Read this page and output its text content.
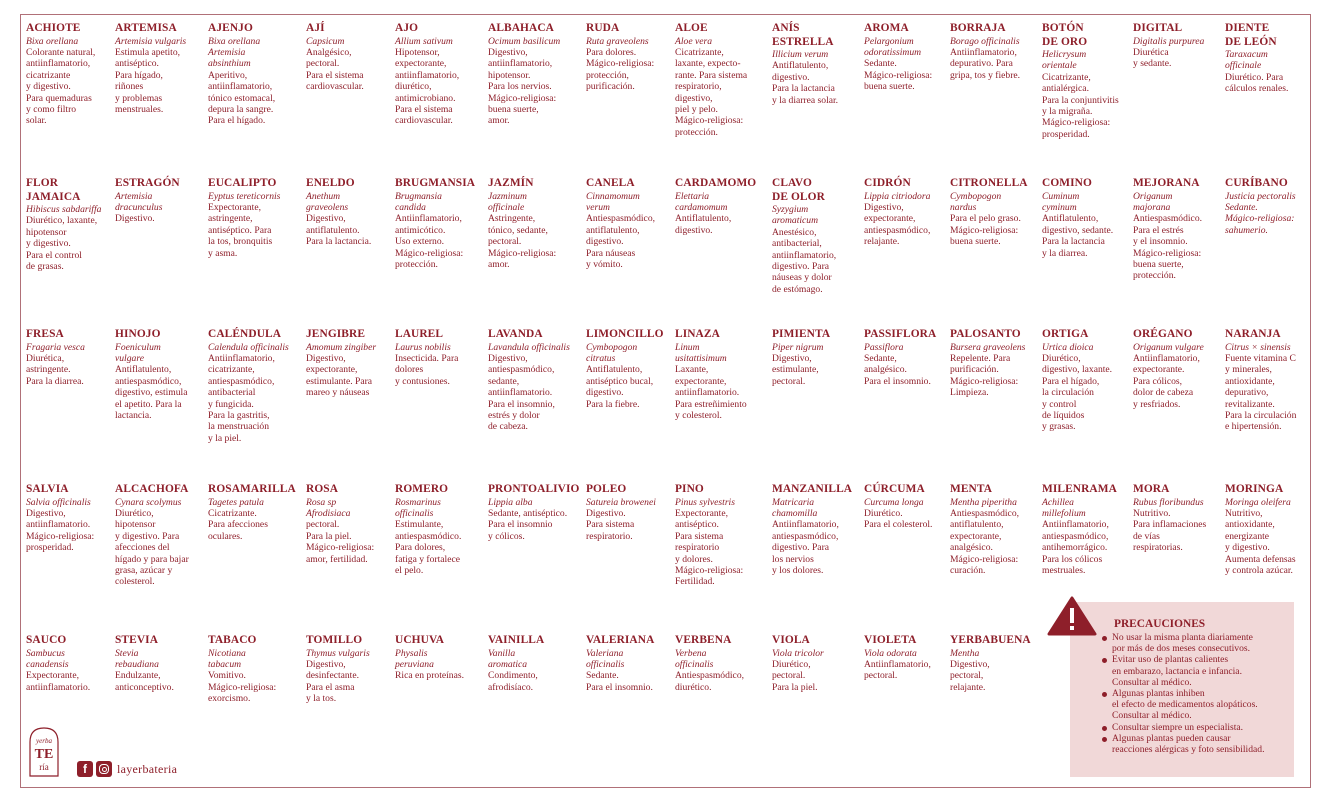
ACHIOTE
Bixa orellana
Colorante natural,
antiinflamatorio,
cicatrizante
y digestivo.
Para quemaduras
y como filtro
solar.
ARTEMISA
Artemisia vulgaris
Estimula apetito,
antiséptico.
Para hígado,
riñones
y problemas
menstruales.
AJENJO
Bixa orellana
Artemisia
absinthium
Aperitivo,
antiinflamatorio,
tónico estomacal,
depura la sangre.
Para el hígado.
AJÍ
Capsicum
Analgésico,
pectoral.
Para el sistema
cardiovascular.
AJO
Allium sativum
Hipotensor,
expectorante,
antiinflamatorio,
diurético,
antimicrobiano.
Para el sistema
cardiovascular.
ALBAHACA
Ocimum basilicum
Digestivo,
antiinflamatorio,
hipotensor.
Para los nervios.
Mágico-religiosa:
buena suerte,
amor.
RUDA
Ruta graveolens
Para dolores.
Mágico-religiosa:
protección,
purificación.
ALOE
Aloe vera
Cicatrizante,
laxante, expecto-
rante. Para sistema
respiratorio,
digestivo,
piel y pelo.
Mágico-religiosa:
protección.
ANÍS
ESTRELLA
Illicium verum
Antiflatulento,
digestivo.
Para la lactancia
y la diarrea solar.
AROMA
Pelargonium
odoratissimum
Sedante.
Mágico-religiosa:
buena suerte.
BORRAJA
Borago officinalis
Antiinflamatorio,
depurativo. Para
gripa, tos y fiebre.
BOTÓN
DE ORO
Helicrysum
orientale
Cicatrizante,
antialérgica.
Para la conjuntivitis
y la migraña.
Mágico-religiosa:
prosperidad.
DIGITAL
Digitalis purpurea
Diurética
y sedante.
DIENTE
DE LEÓN
Taraxacum
officinale
Diurético. Para
cálculos renales.
FLOR
JAMAICA
Hibiscus sabdariffa
Diurético, laxante,
hipotensor
y digestivo.
Para el control
de grasas.
ESTRAGÓN
Artemisia
dracunculus
Digestivo.
EUCALIPTO
Eyptus tereticornis
Expectorante,
astringente,
antiséptico. Para
la tos, bronquitis
y asma.
ENELDO
Anethum
graveolens
Digestivo,
antiflatulento.
Para la lactancia.
BRUGMANSIA
Brugmansia
candida
Antiinflamatorio,
antimicótico.
Uso externo.
Mágico-religiosa:
protección.
JAZMÍN
Jazminum
officinale
Astringente,
tónico, sedante,
pectoral.
Mágico-religiosa:
amor.
CANELA
Cinnamomum
verum
Antiespasmódico,
antiflatulento,
digestivo.
Para náuseas
y vómito.
CARDAMOMO
Elettaria
cardamomum
Antiflatulento,
digestivo.
CLAVO
DE OLOR
Syzygium
aromaticum
Anestésico,
antibacterial,
antiinflamatorio,
digestivo. Para
náuseas y dolor
de estómago.
CIDRÓN
Lippia citriodora
Digestivo,
expectorante,
antiespasmódico,
relajante.
CITRONELLA
Cymbopogon
nardus
Para el pelo graso.
Mágico-religiosa:
buena suerte.
COMINO
Cuminum
cyminum
Antiflatulento,
digestivo, sedante.
Para la lactancia
y la diarrea.
MEJORANA
Origanum
majorana
Antiespasmódico.
Para el estrés
y el insomnio.
Mágico-religiosa:
buena suerte,
protección.
CURÍBANO
Justicia pectoralis
Sedante.
Mágico-religiosa:
sahumerio.
FRESA
Fragaria vesca
Diurética,
astringente.
Para la diarrea.
HINOJO
Foeniculum
vulgare
Antiflatulento,
antiespasmódico,
digestivo, estimula
el apetito. Para la
lactancia.
CALÉNDULA
Calendula officinalis
Antiinflamatorio,
cicatrizante,
antiespasmódico,
antibacterial
y fungicida.
Para la gastritis,
la menstruación
y la piel.
JENGIBRE
Amomum zingiber
Digestivo,
expectorante,
estimulante. Para
mareo y náuseas
LAUREL
Laurus nobilis
Insecticida. Para
dolores
y contusiones.
LAVANDA
Lavandula officinalis
Digestivo,
antiespasmódico,
sedante,
antiinflamatorio.
Para el insomnio,
estrés y dolor
de cabeza.
LIMONCILLO
Cymbopogon
citratus
Antiflatulento,
antiséptico bucal,
digestivo.
Para la fiebre.
LINAZA
Linum
usitattisimum
Laxante,
expectorante,
antiinflamatorio.
Para estreñimiento
y colesterol.
PIMIENTA
Piper nigrum
Digestivo,
estimulante,
pectoral.
PASSIFLORA
Passiflora
Sedante,
analgésico.
Para el insomnio.
PALOSANTO
Bursera graveolens
Repelente. Para
purificación.
Mágico-religiosa:
Limpieza.
ORTIGA
Urtica dioica
Diurético,
digestivo, laxante.
Para el hígado,
la circulación
y control
de líquidos
y grasas.
ORÉGANO
Origanum vulgare
Antiinflamatorio,
expectorante.
Para cólicos,
dolor de cabeza
y resfriados.
NARANJA
Citrus × sinensis
Fuente vitamina C
y minerales,
antioxidante,
depurativo,
revitalizante.
Para la circulación
e hipertensión.
SALVIA
Salvia officinalis
Digestivo,
antiinflamatorio.
Mágico-religiosa:
prosperidad.
ALCACHOFA
Cynara scolymus
Diurético,
hipotensor
y digestivo. Para
afecciones del
hígado y para bajar
grasa, azúcar y
colesterol.
ROSAMARILLA
Tagetes patula
Cicatrizante.
Para afecciones
oculares.
ROSA
Rosa sp
Afrodisiaca
pectoral.
Para la piel.
Mágico-religiosa:
amor, fertilidad.
ROMERO
Rosmarinus
officinalis
Estimulante,
antiespasmódico.
Para dolores,
fatiga y fortalece
el pelo.
PRONTOALIVIO
Lippia alba
Sedante, antiséptico.
Para el insomnio
y cólicos.
POLEO
Satureia browenei
Digestivo.
Para sistema
respiratorio.
PINO
Pinus sylvestris
Expectorante,
antiséptico.
Para sistema
respiratorio
y dolores.
Mágico-religiosa:
Fertilidad.
MANZANILLA
Matricaria
chamomilla
Antiinflamatorio,
antiespasmódico,
digestivo. Para
los nervios
y los dolores.
CÚRCUMA
Curcuma longa
Diurético.
Para el colesterol.
MENTA
Mentha piperitha
Antiespasmódico,
antiflatulento,
expectorante,
analgésico.
Mágico-religiosa:
curación.
MILENRAMA
Achillea
millefolium
Antiinflamatorio,
antiespasmódico,
antihemorrágico.
Para los cólicos
mestruales.
MORA
Rubus floribundus
Nutritivo.
Para inflamaciones
de vías
respiratorias.
MORINGA
Moringa oleifera
Nutritivo,
antioxidante,
energizante
y digestivo.
Aumenta defensas
y controla azúcar.
SAUCO
Sambucus
canadensis
Expectorante,
antiinflamatorio.
STEVIA
Stevia
rebaudiana
Endulzante,
anticonceptivo.
TABACO
Nicotiana
tabacum
Vomitivo.
Mágico-religiosa:
exorcismo.
TOMILLO
Thymus vulgaris
Digestivo,
desinfectante.
Para el asma
y la tos.
UCHUVA
Physalis
peruviana
Rica en proteínas.
VAINILLA
Vanilla
aromatica
Condimento,
afrodisíaco.
VALERIANA
Valeriana
officinalis
Sedante.
Para el insomnio.
VERBENA
Verbena
officinalis
Antiespasmódico,
diurético.
VIOLA
Viola tricolor
Diurético,
pectoral.
Para la piel.
VIOLETA
Viola odorata
Antiinflamatorio,
pectoral.
YERBABUENA
Mentha
Digestivo,
pectoral,
relajante.
PRECAUCIONES
No usar la misma planta diariamente
por más de dos meses consecutivos.
Evitar uso de plantas calientes
en embarazo, lactancia e infancia.
Consultar al médico.
Algunas plantas inhiben
el efecto de medicamentos alopáticos.
Consultar al médico.
Consultar siempre un especialista.
Algunas plantas pueden causar
reacciones alérgicas y foto sensibilidad.
yerba
TE
ría	f	layerbateria
